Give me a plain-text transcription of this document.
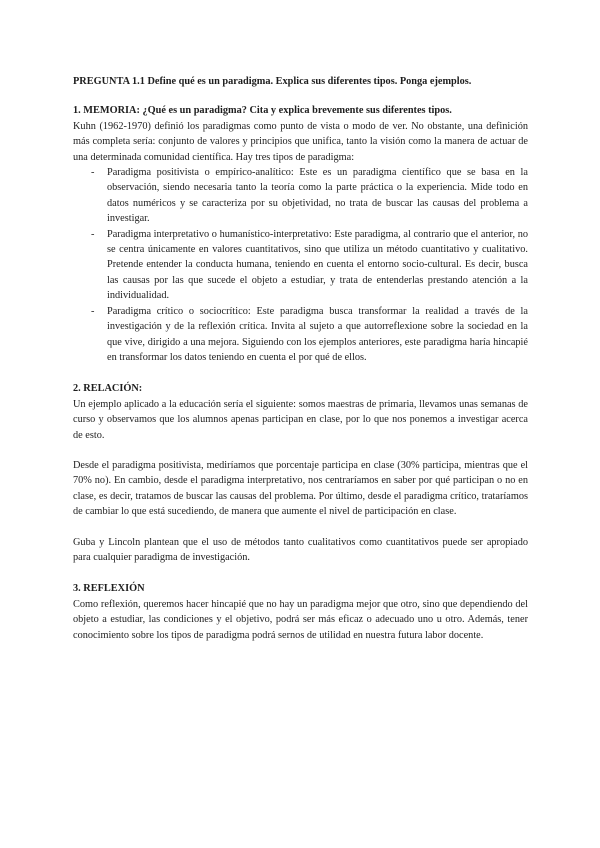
PREGUNTA 1.1 Define qué es un paradigma. Explica sus diferentes tipos. Ponga ejemplos.

1. MEMORIA: ¿Qué es un paradigma? Cita y explica brevemente sus diferentes tipos.

Kuhn (1962-1970) definió los paradigmas como punto de vista o modo de ver. No obstante, una definición más completa sería: conjunto de valores y principios que unifica, tanto la visión como la manera de actuar de una determinada comunidad científica. Hay tres tipos de paradigma:

- Paradigma positivista o empírico-analítico: Este es un paradigma científico que se basa en la observación, siendo necesaria tanto la teoría como la parte práctica o la experiencia. Mide todo en datos numéricos y se caracteriza por su objetividad, no trata de buscar las causas del problema a investigar.
- Paradigma interpretativo o humanístico-interpretativo: Este paradigma, al contrario que el anterior, no se centra únicamente en valores cuantitativos, sino que utiliza un método cuantitativo y cualitativo. Pretende entender la conducta humana, teniendo en cuenta el entorno socio-cultural. Es decir, busca las causas por las que sucede el objeto a estudiar, y trata de entenderlas prestando atención a la individualidad.
- Paradigma crítico o sociocrítico: Este paradigma busca transformar la realidad a través de la investigación y de la reflexión crítica. Invita al sujeto a que autorreflexione sobre la sociedad en la que vive, dirigido a una mejora. Siguiendo con los ejemplos anteriores, este paradigma haría hincapié en transformar los datos teniendo en cuenta el por qué de ellos.

2. RELACIÓN:

Un ejemplo aplicado a la educación sería el siguiente: somos maestras de primaria, llevamos unas semanas de curso y observamos que los alumnos apenas participan en clase, por lo que nos ponemos a investigar acerca de esto.

Desde el paradigma positivista, mediríamos que porcentaje participa en clase (30% participa, mientras que el 70% no). En cambio, desde el paradigma interpretativo, nos centraríamos en saber por qué participan o no en clase, es decir, tratamos de buscar las causas del problema. Por último, desde el paradigma crítico, trataríamos de cambiar lo que está sucediendo, de manera que aumente el nivel de participación en clase.

Guba y Lincoln plantean que el uso de métodos tanto cualitativos como cuantitativos puede ser apropiado para cualquier paradigma de investigación.

3. REFLEXIÓN

Como reflexión, queremos hacer hincapié que no hay un paradigma mejor que otro, sino que dependiendo del objeto a estudiar, las condiciones y el objetivo, podrá ser más eficaz o adecuado uno u otro. Además, tener conocimiento sobre los tipos de paradigma podrá sernos de utilidad en nuestra futura labor docente.
